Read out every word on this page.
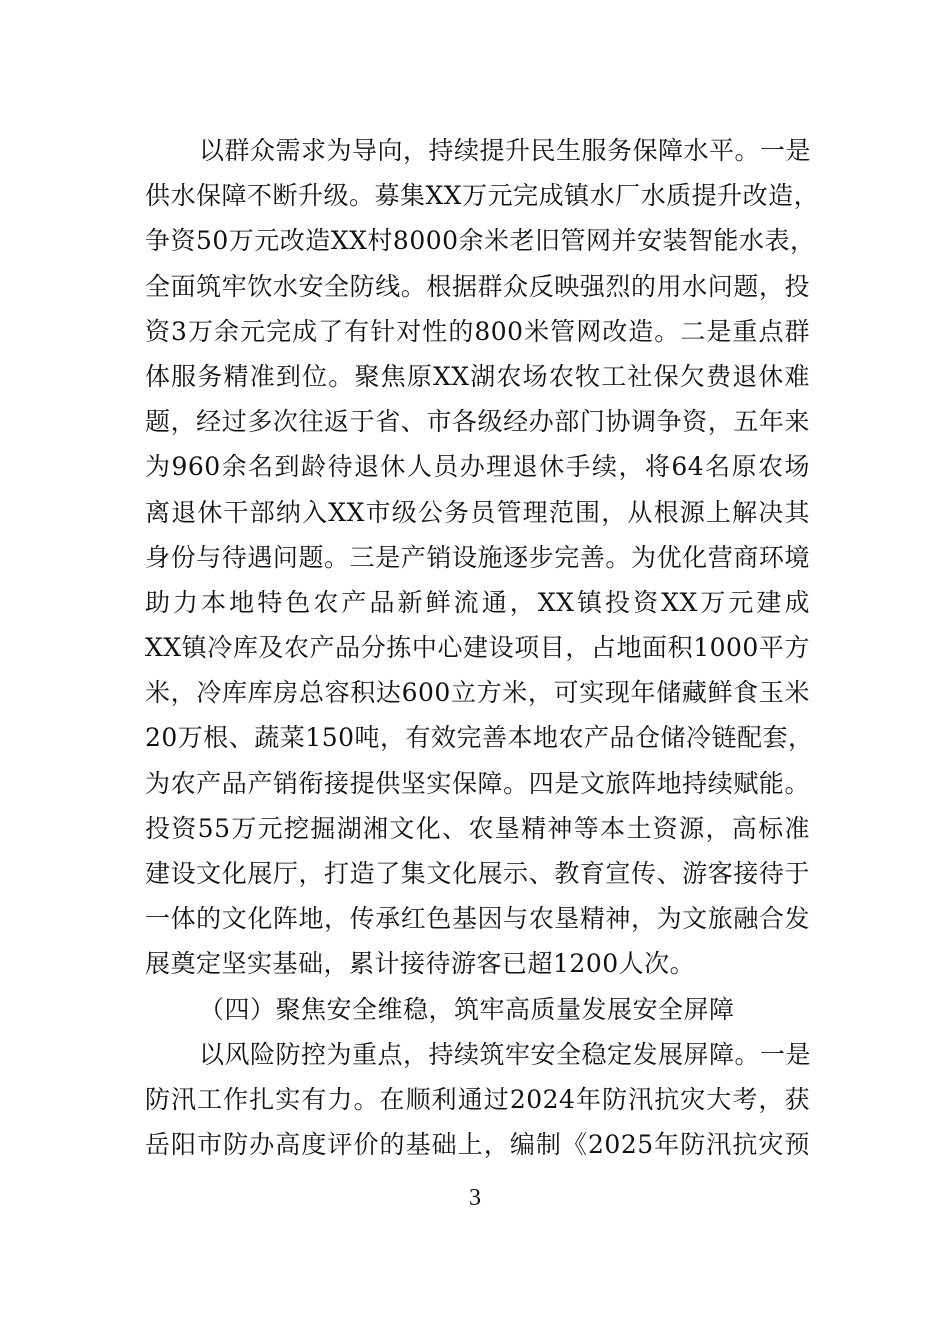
以群众需求为导向，持续提升民生服务保障水平。一是
供水保障不断升级。募集XX万元完成镇水厂水质提升改造，
争资50万元改造XX村8000余米老旧管网并安装智能水表，
全面筑牢饮水安全防线。根据群众反映强烈的用水问题，投
资3万余元完成了有针对性的800米管网改造。二是重点群
体服务精准到位。聚焦原XX湖农场农牧工社保欠费退休难
题，经过多次往返于省、市各级经办部门协调争资，五年来
为960余名到龄待退休人员办理退休手续，将64名原农场
离退休干部纳入XX市级公务员管理范围，从根源上解决其
身份与待遇问题。三是产销设施逐步完善。为优化营商环境
助力本地特色农产品新鲜流通，XX镇投资XX万元建成
XX镇冷库及农产品分拣中心建设项目，占地面积1000平方
米，冷库库房总容积达600立方米，可实现年储藏鲜食玉米
20万根、蔬菜150吨，有效完善本地农产品仓储冷链配套，
为农产品产销衔接提供坚实保障。四是文旅阵地持续赋能。
投资55万元挖掘湖湘文化、农垦精神等本土资源，高标准
建设文化展厅，打造了集文化展示、教育宣传、游客接待于
一体的文化阵地，传承红色基因与农垦精神，为文旅融合发
展奠定坚实基础，累计接待游客已超1200人次。
（四）聚焦安全维稳，筑牢高质量发展安全屏障
以风险防控为重点，持续筑牢安全稳定发展屏障。一是
防汛工作扎实有力。在顺利通过2024年防汛抗灾大考，获
岳阳市防办高度评价的基础上，编制《2025年防汛抗灾预
3
